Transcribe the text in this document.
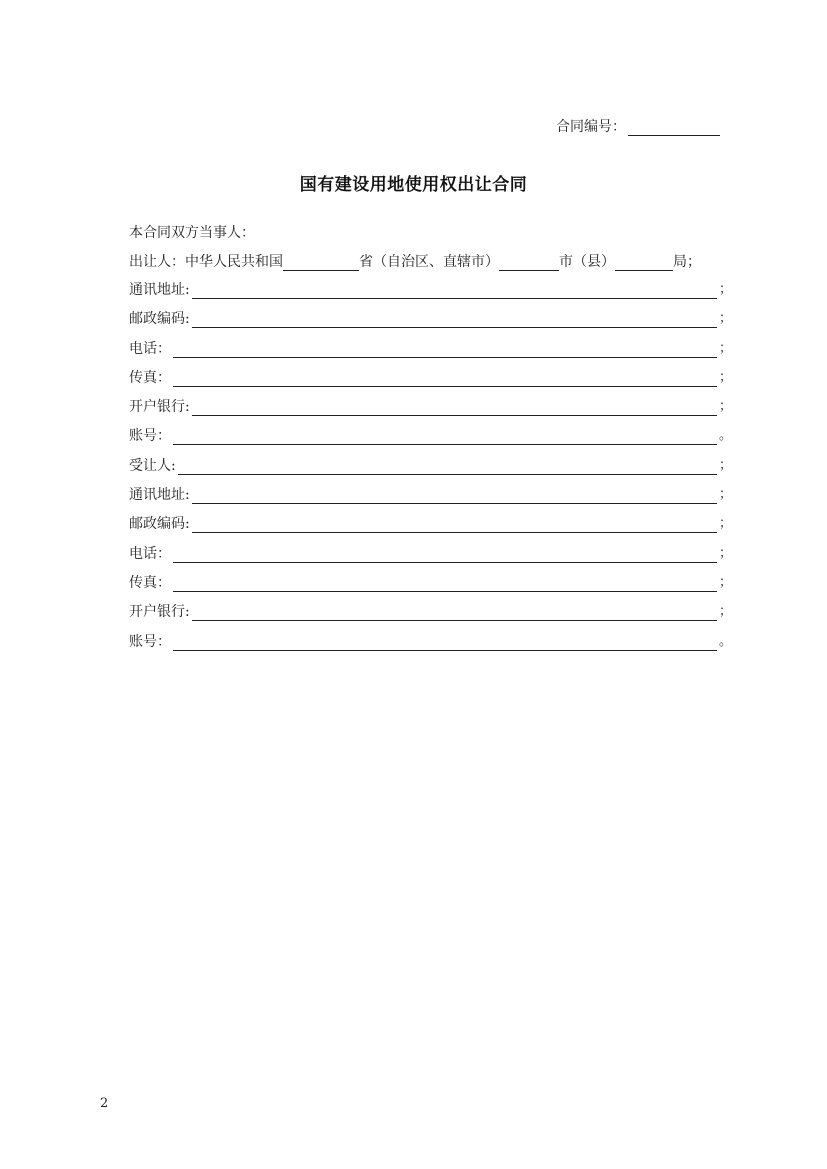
合同编号：
国有建设用地使用权出让合同
本合同双方当事人：
出让人：中华人民共和国	省（自治区、直辖市）	市（县）	局；
通讯地址:	；
邮政编码:	；
电话：	；
传真：	；
开户银行:	；
账号：	。
受让人:	；
通讯地址:	；
邮政编码:	；
电话：	；
传真：	；
开户银行:	；
账号：	。
2
